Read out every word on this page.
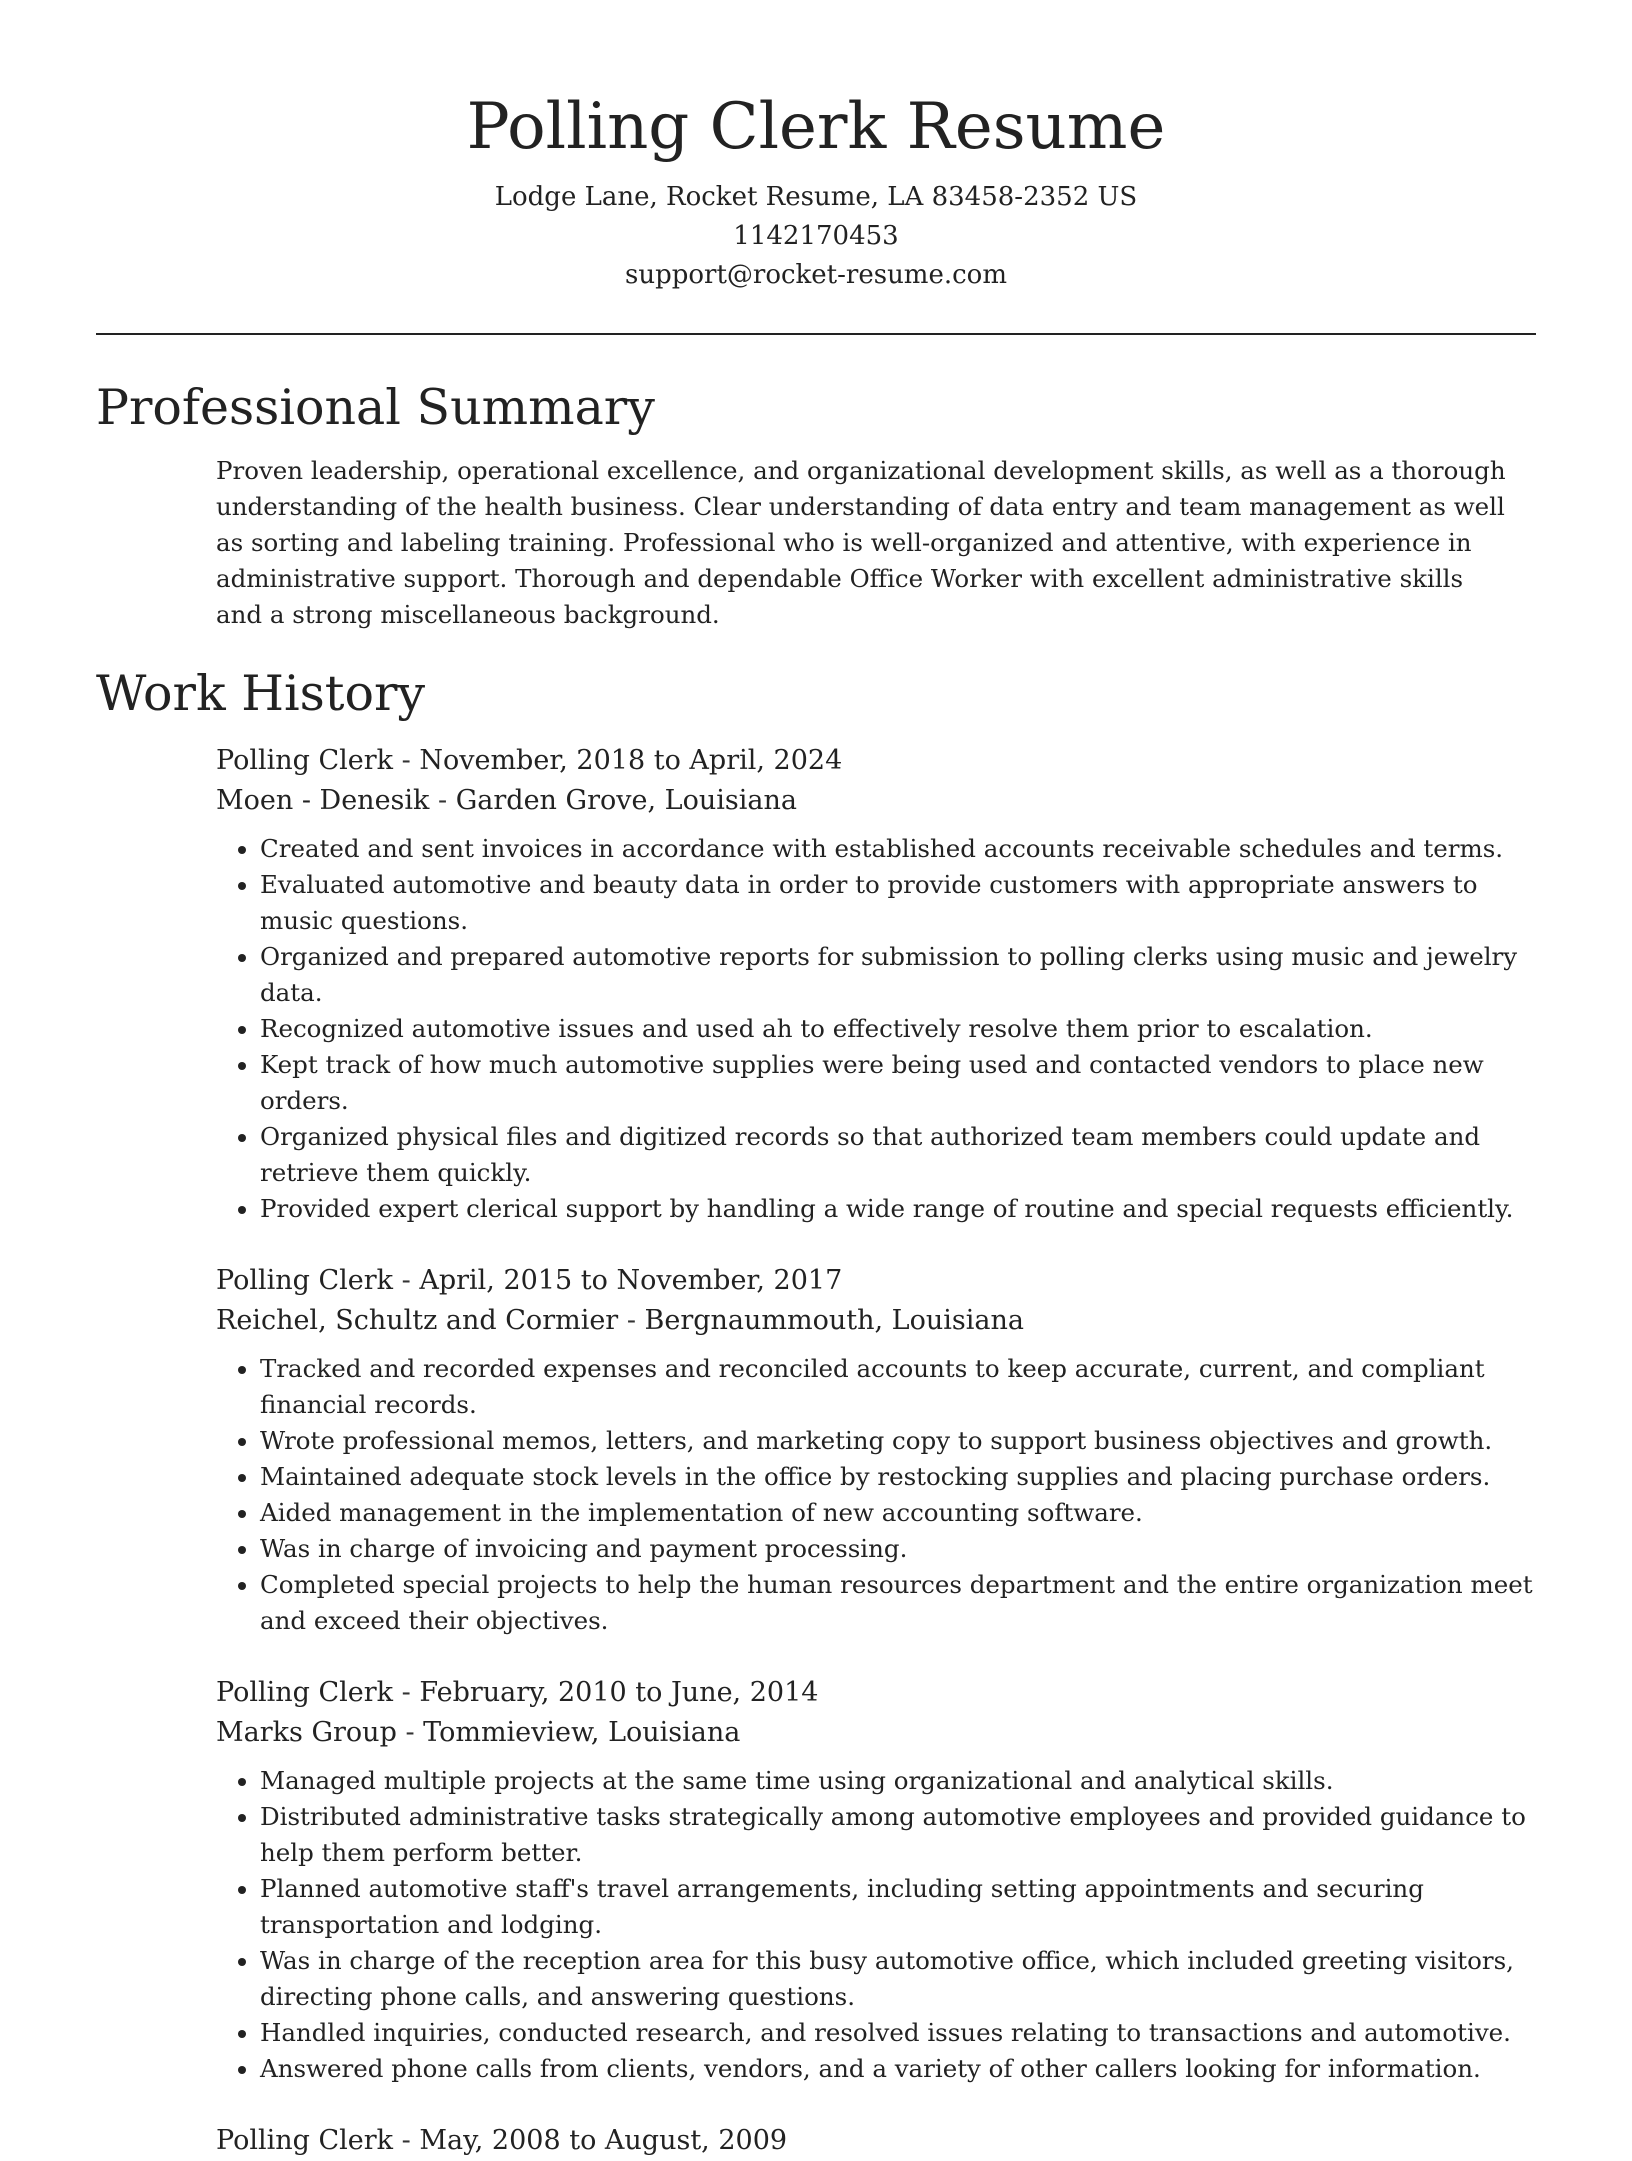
Polling Clerk Resume
Lodge Lane, Rocket Resume, LA 83458-2352 US
1142170453
support@rocket-resume.com
Professional Summary
Proven leadership, operational excellence, and organizational development skills, as well as a thorough understanding of the health business. Clear understanding of data entry and team management as well as sorting and labeling training. Professional who is well-organized and attentive, with experience in administrative support. Thorough and dependable Office Worker with excellent administrative skills and a strong miscellaneous background.
Work History
Polling Clerk - November, 2018 to April, 2024
Moen - Denesik - Garden Grove, Louisiana
• Created and sent invoices in accordance with established accounts receivable schedules and terms.
• Evaluated automotive and beauty data in order to provide customers with appropriate answers to music questions.
• Organized and prepared automotive reports for submission to polling clerks using music and jewelry data.
• Recognized automotive issues and used ah to effectively resolve them prior to escalation.
• Kept track of how much automotive supplies were being used and contacted vendors to place new orders.
• Organized physical files and digitized records so that authorized team members could update and retrieve them quickly.
• Provided expert clerical support by handling a wide range of routine and special requests efficiently.
Polling Clerk - April, 2015 to November, 2017
Reichel, Schultz and Cormier - Bergnaummouth, Louisiana
• Tracked and recorded expenses and reconciled accounts to keep accurate, current, and compliant financial records.
• Wrote professional memos, letters, and marketing copy to support business objectives and growth.
• Maintained adequate stock levels in the office by restocking supplies and placing purchase orders.
• Aided management in the implementation of new accounting software.
• Was in charge of invoicing and payment processing.
• Completed special projects to help the human resources department and the entire organization meet and exceed their objectives.
Polling Clerk - February, 2010 to June, 2014
Marks Group - Tommieview, Louisiana
• Managed multiple projects at the same time using organizational and analytical skills.
• Distributed administrative tasks strategically among automotive employees and provided guidance to help them perform better.
• Planned automotive staff's travel arrangements, including setting appointments and securing transportation and lodging.
• Was in charge of the reception area for this busy automotive office, which included greeting visitors, directing phone calls, and answering questions.
• Handled inquiries, conducted research, and resolved issues relating to transactions and automotive.
• Answered phone calls from clients, vendors, and a variety of other callers looking for information.
Polling Clerk - May, 2008 to August, 2009
